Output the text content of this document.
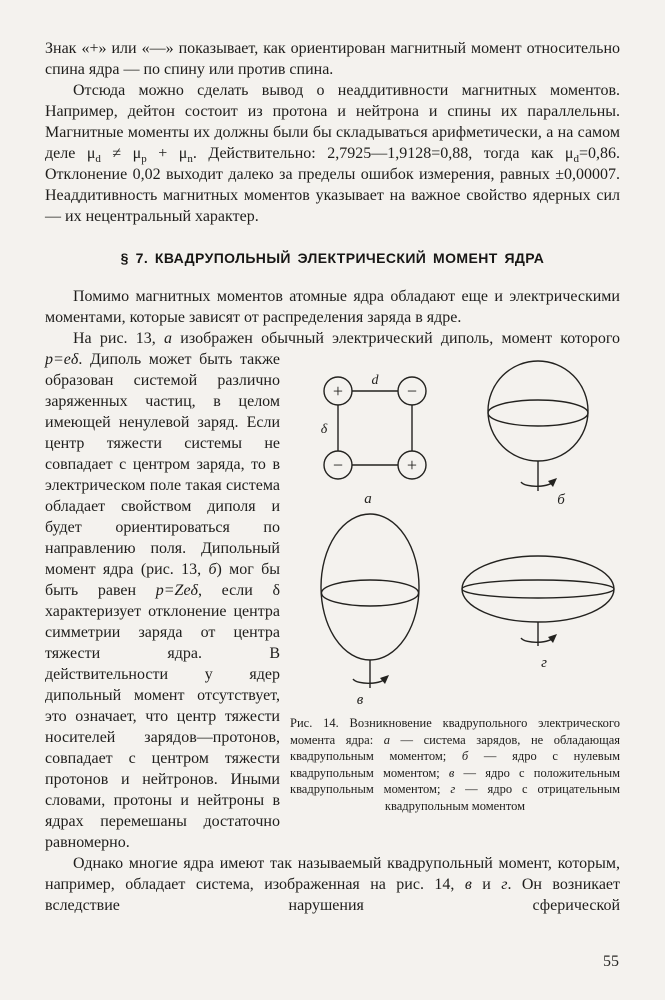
Знак «+» или «—» показывает, как ориентирован магнитный момент относительно спина ядра — по спину или против спина.

Отсюда можно сделать вывод о неаддитивности магнитных моментов. Например, дейтон состоит из протона и нейтрона и спины их параллельны. Магнитные моменты их должны были бы складываться арифметически, а на самом деле $\mu_d \ne \mu_p + \mu_n$. Действительно: 2,7925—1,9128=0,88, тогда как $\mu_d=0,86$. Отклонение 0,02 выходит далеко за пределы ошибок измерения, равных ±0,00007. Неаддитивность магнитных моментов указывает на важное свойство ядерных сил — их нецентральный характер.

§ 7. КВАДРУПОЛЬНЫЙ ЭЛЕКТРИЧЕСКИЙ МОМЕНТ ЯДРА

Помимо магнитных моментов атомные ядра обладают еще и электрическими моментами, которые зависят от распределения заряда в ядре.

На рис. 13, а изображен обычный электрический диполь, момент которого p=eδ
+	−
−	+
d
δ
а	б
в
г
Рис. 14. Возникновение квадрупольного электрического момента ядра: а — система зарядов, не обладающая квадрупольным моментом; б — ядро с нулевым квадрупольным моментом; в — ядро с положительным квадрупольным моментом; г — ядро с отрицательным квадрупольным моментом
. Диполь может быть также образован системой различно заряженных частиц, в целом имеющей ненулевой заряд. Если центр тяжести системы не совпадает с центром заряда, то в электрическом поле такая система обладает свойством диполя и будет ориентироваться по направлению поля. Дипольный момент ядра (рис. 13, б) мог бы быть равен p=Zeδ, если δ характеризует отклонение центра симметрии заряда от центра тяжести ядра. В действительности у ядер дипольный момент отсутствует, это означает, что центр тяжести носителей зарядов—протонов, совпадает с центром тяжести протонов и нейтронов. Иными словами, протоны и нейтроны в ядрах перемешаны достаточно равномерно.

Однако многие ядра имеют так называемый квадрупольный момент, которым, например, обладает система, изображенная на рис. 14, в и г. Он возникает вследствие нарушения сферической

55
